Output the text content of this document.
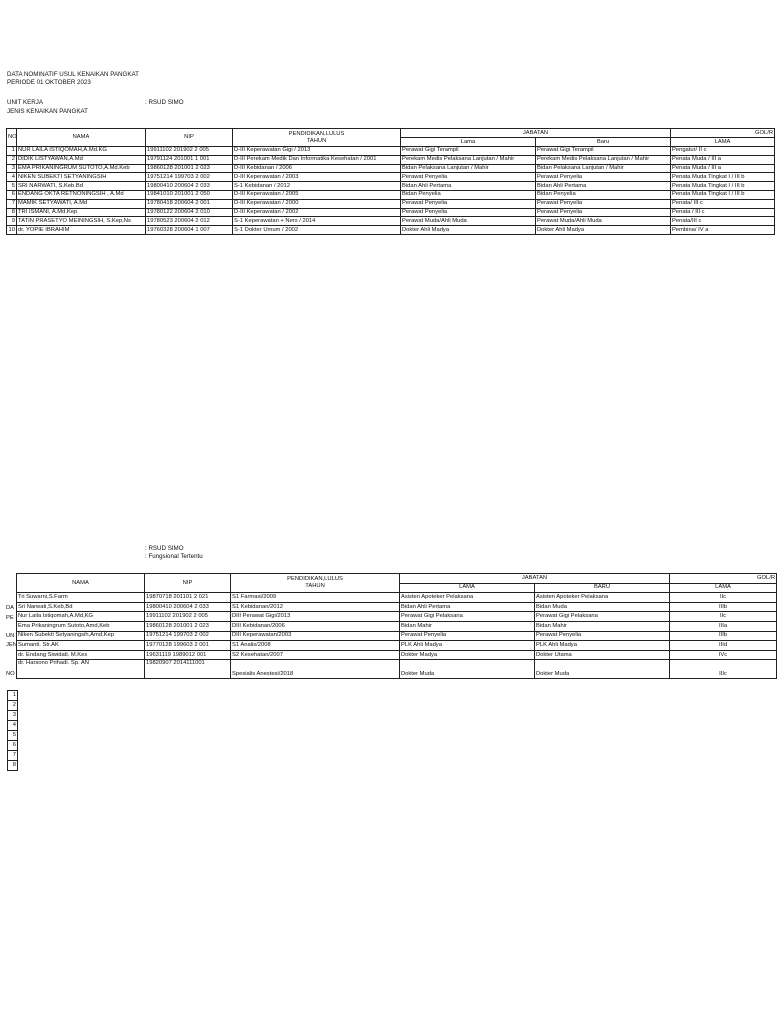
DATA NOMINATIF USUL KENAIKAN PANGKAT
PERIODE 01 OKTOBER 2023
UNIT KERJA	: RSUD SIMO
JENIS KENAIKAN PANGKAT
NO	NAMA	NIP	PENDIDIKAN,LULUS
TAHUN	JABATAN		GOL/R

				Lama	Baru	LAMA
1	NUR LAILA ISTIQOMAH,A.Md.KG	19911102 201902 2 005	D-III Keperawatan Gigi / 2013	Perawat Gigi Terampil	Perawat Gigi Terampil	Pengatur/ II c
2	DIDIK LISTYAWAN,A.Md	19791124 201001 1 001	D-III Perekam Medik Dan Informatika Kesehatan / 2001	Perekam Medis Pelaksana Lanjutan / Mahir	Perekam Medis Pelaksana Lanjutan / Mahir	Penata Muda / III a
3	EMA PRIKANINGRUM SUTOTO,A.Md.Keb	19860128 201001 2 023	D-III Kebidanan / 2006	Bidan Pelaksana Lanjutan / Mahir	Bidan Pelaksana Lanjutan / Mahir	Penata Muda / III a
4	NIKEN SUBEKTI SETYANINGSIH	19751214 199703 2 002	D-III Keperawatan / 2003	Perawat Penyelia	Perawat Penyelia	Penata Muda Tingkat I / III b
5	SRI NARWATI, S.Keb.Bd	19800410 200604 2 033	S-1 Kebidanan / 2012	Bidan Ahli Pertama	Bidan Ahli Pertama	Penata Muda Tingkat I / III b
6	ENDANG OKTA RETNONINGSIH , A.Md	19841010 201001 2 050	D-III Keperawatan / 2005	Bidan Penyelia	Bidan Penyelia	Penata Muda Tingkat I / III b
7	MAMIK SETYAWATI, A.Md	19780418 200604 2 001	D-III Keperawatan / 2000	Perawat Penyelia	Perawat Penyelia	Penata/ III c
8	TRI ISMANI, A.Md.Kep	19780122 200604 2 010	D-III Keperawatan / 2002	Perawat Penyelia	Perawat Penyelia	Penata / III c
9	TATIN PRASETYO MEININGSIH, S.Kep,Ns	19780523 200604 2 012	S-1 Keperawatan + Ners / 2014	Perawat Muda/Ahli Muda	Perawat Muda/Ahli Muda	Penata/III c
10	dr. YOPIE IBRAHIM	19760328 200604 1 007	S-1 Dokter Umum / 2002	Dokter Ahli Madya	Dokter Ahli Madya	Pembina/ IV a
: RSUD SIMO
: Fungsional Tertentu
DA
PE
UN
JEN
NO
NAMA	NIP	PENDIDIKAN,LULUS
TAHUN	JABATAN		GOL/R
			LAMA	BARU	LAMA
Tri Suwarni,S.Farm	19870718 201101 2 021	S1 Farmasi/2009	Asisten Apoteker Pelaksana	Asisten Apoteker Pelaksana	IIc
Sri Narwati,S.Keb,Bd	19800410 200604 2 033	S1 Kebidanan/2012	Bidan Ahli Pertama	Bidan Muda	IIIb
Nur Laila Istiqomah,A.Md,KG	19911102 201902 2 005	DIII Perawat Gigi/2013	Perawat Gigi Pelaksana	Perawat Gigi Pelaksana	IIc
Ema Prikaningrum Sutoto,Amd,Keb	19860128 201001 2 023	DIII Kebidanan/2006	Bidan Mahir	Bidan Mahir	IIIa
Niken Subekti Setyaningsih,Amd,Kep	19751214 199703 2 002	DIII Keperawatan/2003	Perawat Penyelia	Perawat Penyelia	IIIb
Sumanti. Str.AK	19770128 199603 2 001	S1 Analis/2008	PLK Ahli Madya	PLK Ahli Madya	IIId
dr. Endang Siwidati. M.Kes	19631119 1989012 001	S2 Kesehatan/2007	Dokter Madya	Dokter Utama	IVc
dr. Harsono Prihadi. Sp. AN	19820907 2014111001	Spesialis Anestesi/2018	Dokter Muda	Dokter Muda	IIIc
1
2
3
4
5
6
7
8
